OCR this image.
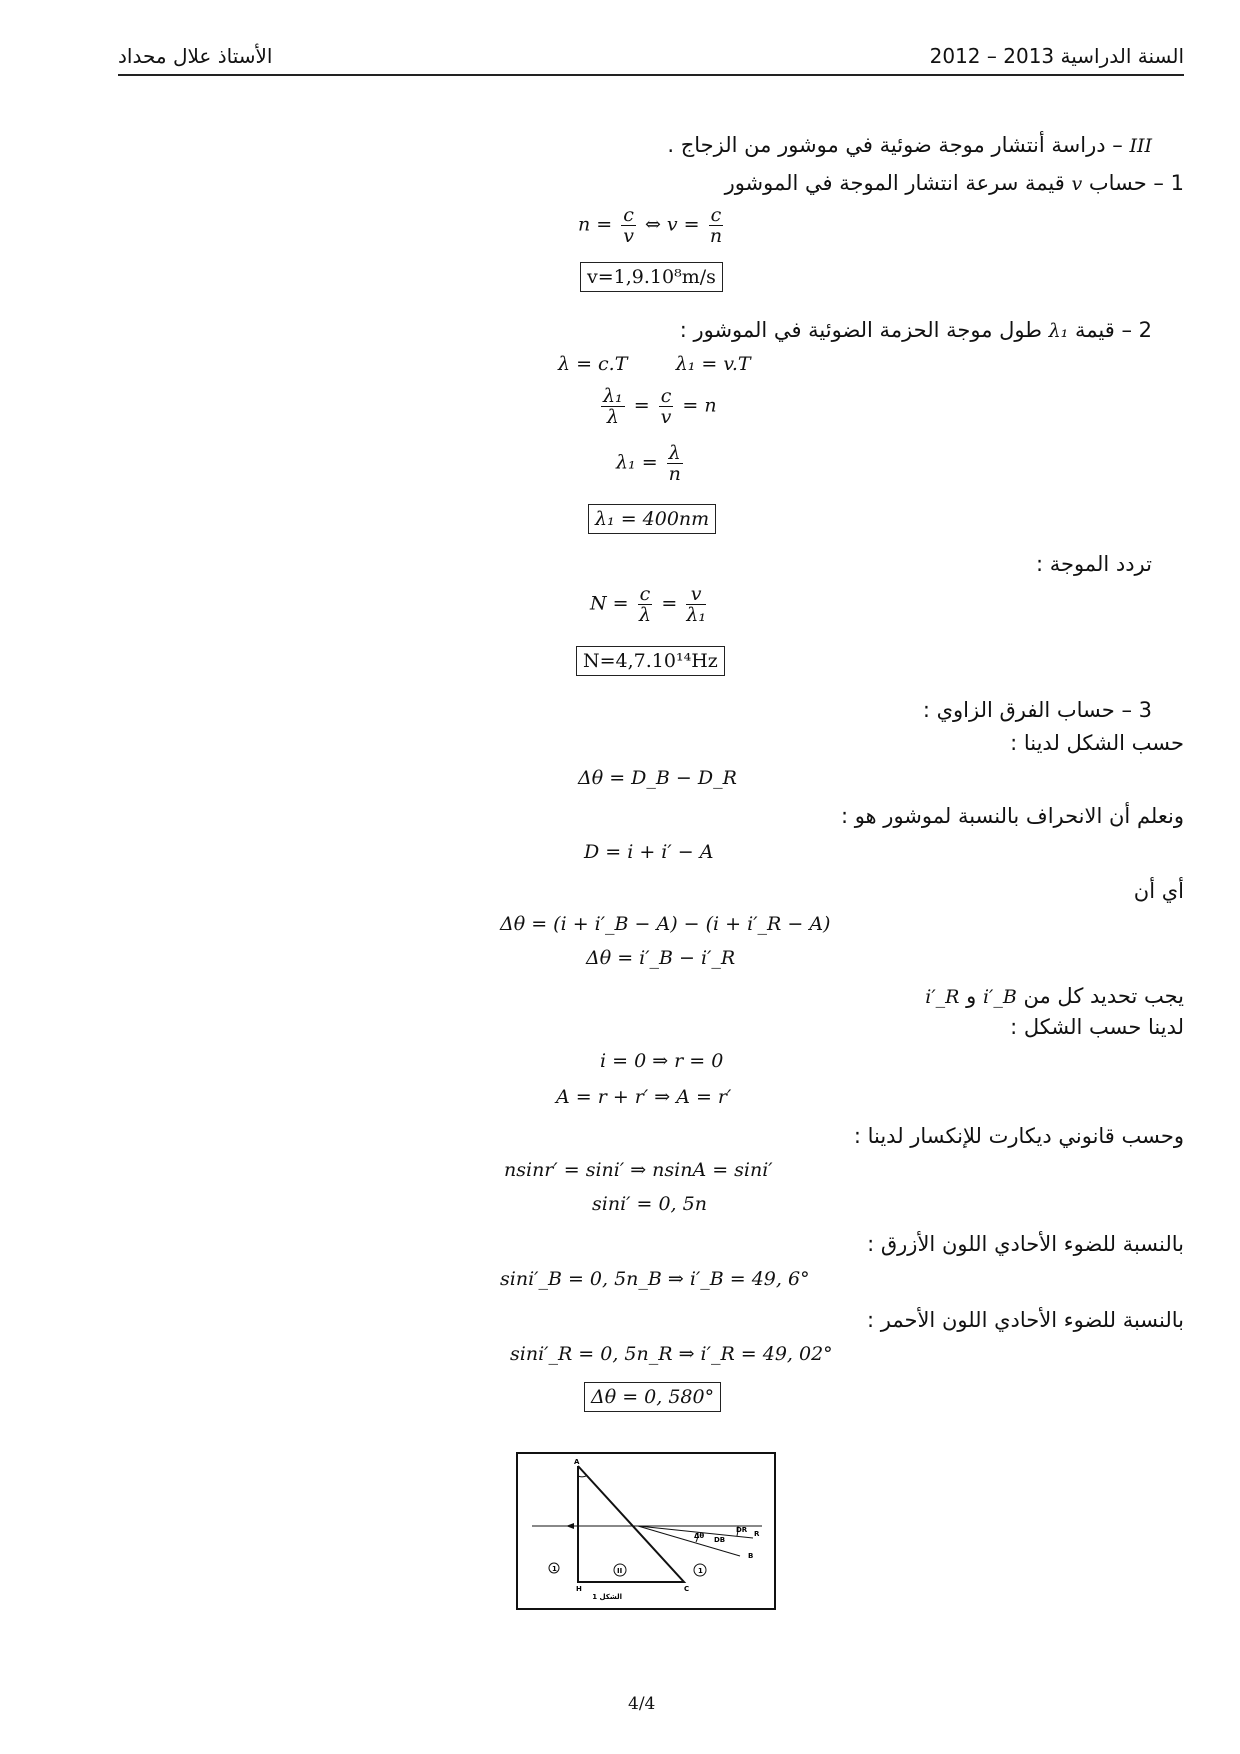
الأستاذ علال محداد	السنة الدراسية 2013 – 2012
III – دراسة أنتشار موجة ضوئية في موشور من الزجاج .
1 – حساب v قيمة سرعة انتشار الموجة في الموشور
$n = \frac{c}{v}$ ⇔ $v = \frac{c}{n}$
v=1,9.10⁸m/s
2 – قيمة λ₁ طول موجة الحزمة الضوئية في الموشور :
λ = c.T        λ₁ = v.T
$\frac{\text{λ₁}}{\lambda} = \frac{c}{v} = n$
$\lambda_1 = \frac{\lambda}{n}$
λ₁ = 400nm
تردد الموجة :
$N = \frac{c}{\lambda} = \frac{v}{\text{λ₁}}$
N=4,7.10¹⁴Hz
3 – حساب الفرق الزاوي :
حسب الشكل لدينا :
Δθ = D_B − D_R
ونعلم أن الانحراف بالنسبة لموشور هو :
D = i + i′ − A
أي أن
Δθ = (i + i′_B − A) − (i + i′_R − A)
Δθ = i′_B − i′_R
يجب تحديد كل من i′_B و i′_R
لدينا حسب الشكل :
i = 0 ⇒ r = 0
A = r + r′ ⇒ A = r′
وحسب قانوني ديكارت للإنكسار لدينا :
nsinr′ = sini′ ⇒ nsinA = sini′
sini′ = 0, 5n
بالنسبة للضوء الأحادي اللون الأزرق :
sini′_B = 0, 5n_B ⇒ i′_B = 49, 6°
بالنسبة للضوء الأحادي اللون الأحمر :
sini′_R = 0, 5n_R ⇒ i′_R = 49, 02°
Δθ = 0, 580°
A
B
C
R
H
DR
DB
Δθ
1	II	1
الشكل 1
4/4
